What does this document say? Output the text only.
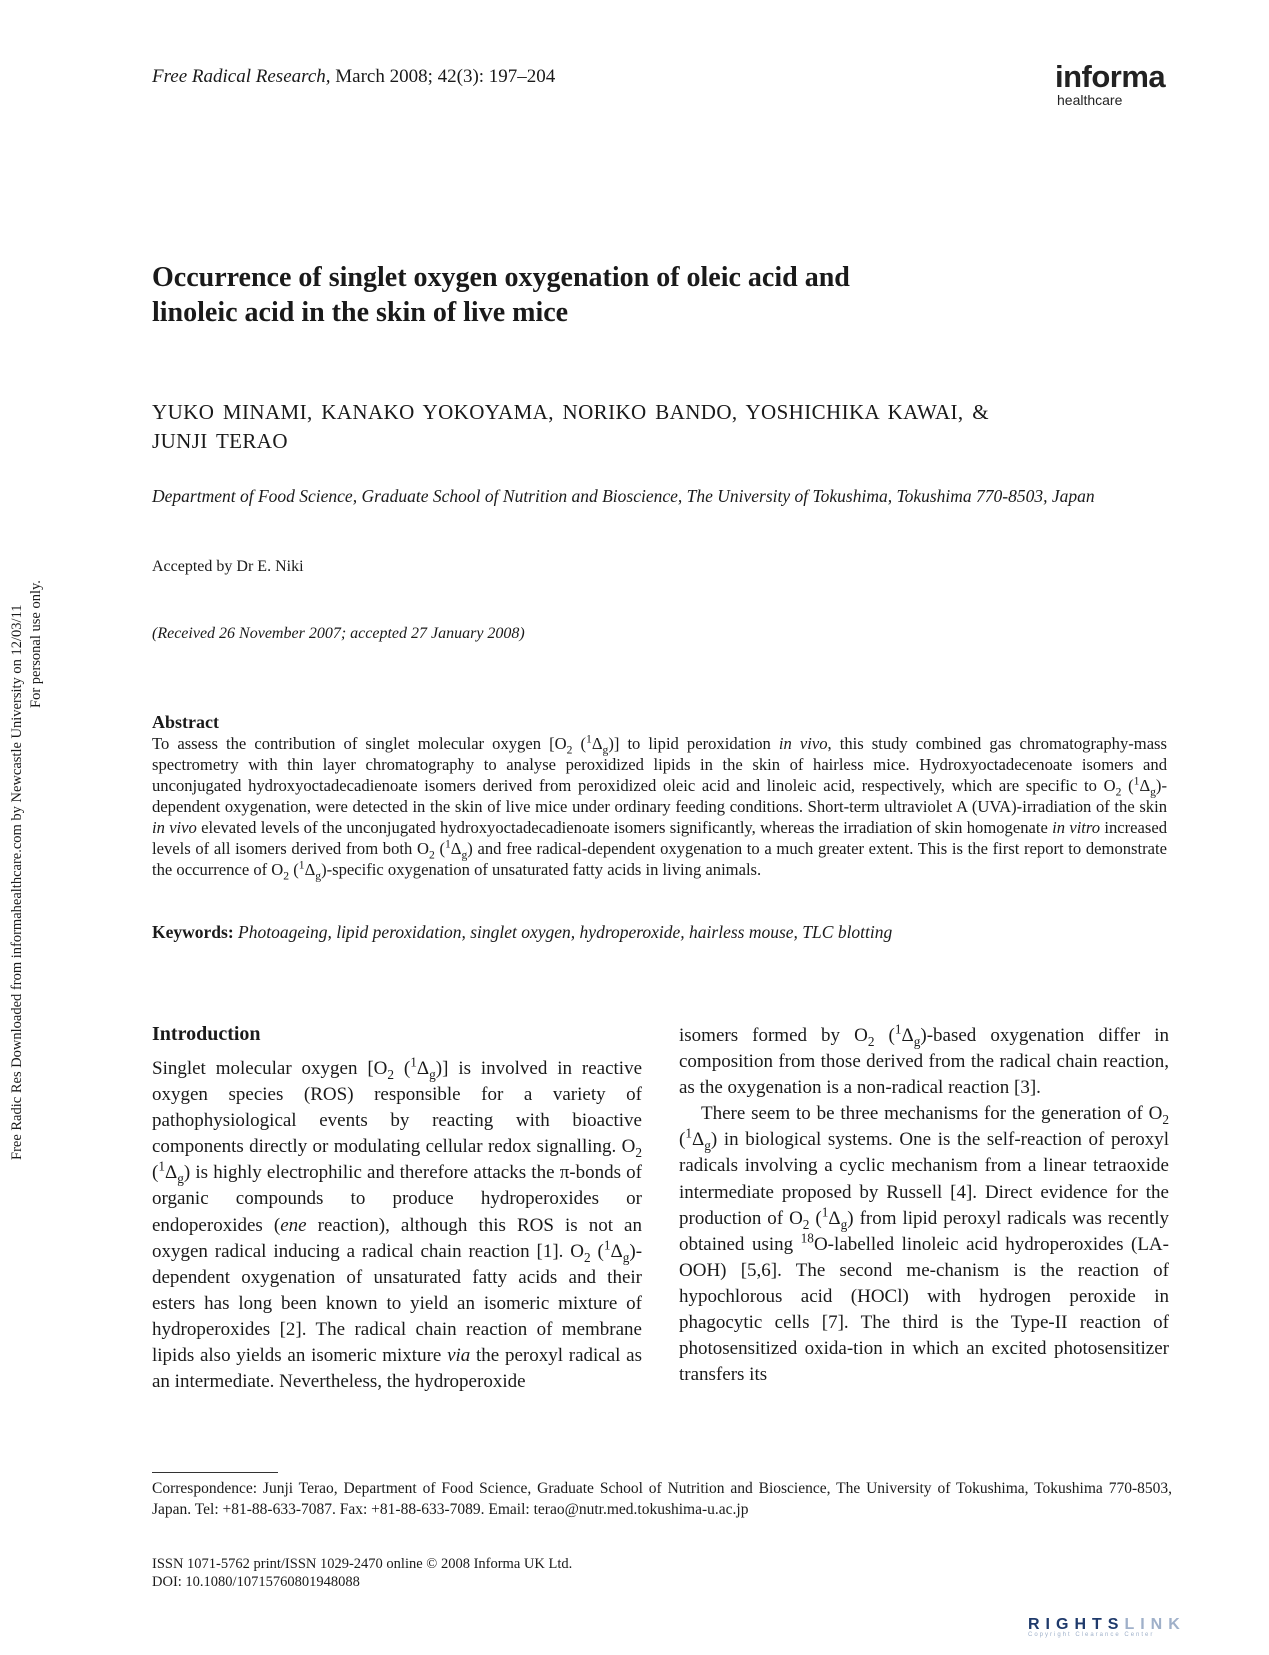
Free Radic Res Downloaded from informahealthcare.com by Newcastle University on 12/03/11 For personal use only.
Free Radical Research, March 2008; 42(3): 197–204	informa
healthcare
Occurrence of singlet oxygen oxygenation of oleic acid and
linoleic acid in the skin of live mice
YUKO MINAMI, KANAKO YOKOYAMA, NORIKO BANDO, YOSHICHIKA KAWAI, &
JUNJI TERAO
Department of Food Science, Graduate School of Nutrition and Bioscience, The University of Tokushima, Tokushima 770-8503, Japan
Accepted by Dr E. Niki
(Received 26 November 2007; accepted 27 January 2008)
Abstract
To assess the contribution of singlet molecular oxygen [$O_2$ $(^1\Delta_g)$] to lipid peroxidation in vivo, this study combined gas chromatography-mass spectrometry with thin layer chromatography to analyse peroxidized lipids in the skin of hairless mice. Hydroxyoctadecenoate isomers and unconjugated hydroxyoctadecadienoate isomers derived from peroxidized oleic acid and linoleic acid, respectively, which are specific to $O_2$ $(^1\Delta_g)$-dependent oxygenation, were detected in the skin of live mice under ordinary feeding conditions. Short-term ultraviolet A (UVA)-irradiation of the skin in vivo elevated levels of the unconjugated hydroxyoctadecadienoate isomers significantly, whereas the irradiation of skin homogenate in vitro increased levels of all isomers derived from both $O_2$ $(^1\Delta_g)$ and free radical-dependent oxygenation to a much greater extent. This is the first report to demonstrate the occurrence of $O_2$ $(^1\Delta_g)$-specific oxygenation of unsaturated fatty acids in living animals.
Keywords: Photoageing, lipid peroxidation, singlet oxygen, hydroperoxide, hairless mouse, TLC blotting
Introduction

Singlet molecular oxygen [$O_2$ $(^1\Delta_g)$] is involved in reactive oxygen species (ROS) responsible for a variety of pathophysiological events by reacting with bioactive components directly or modulating cellular redox signalling. $O_2$ $(^1\Delta_g)$ is highly electrophilic and therefore attacks the π-bonds of organic compounds to produce hydroperoxides or endoperoxides (ene reaction), although this ROS is not an oxygen radical inducing a radical chain reaction [1]. $O_2$ $(^1\Delta_g)$-dependent oxygenation of unsaturated fatty acids and their esters has long been known to yield an isomeric mixture of hydroperoxides [2]. The radical chain reaction of membrane lipids also yields an isomeric mixture via the peroxyl radical as an intermediate. Nevertheless, the hydroperoxide

isomers formed by $O_2$ $(^1\Delta_g)$-based oxygenation differ in composition from those derived from the radical chain reaction, as the oxygenation is a non-radical reaction [3].

There seem to be three mechanisms for the generation of $O_2$ $(^1\Delta_g)$ in biological systems. One is the self-reaction of peroxyl radicals involving a cyclic mechanism from a linear tetraoxide intermediate proposed by Russell [4]. Direct evidence for the production of $O_2$ $(^1\Delta_g)$ from lipid peroxyl radicals was recently obtained using $^{18}$O-labelled linoleic acid hydroperoxides (LA-OOH) [5,6]. The second me-chanism is the reaction of hypochlorous acid (HOCl) with hydrogen peroxide in phagocytic cells [7]. The third is the Type-II reaction of photosensitized oxida-tion in which an excited photosensitizer transfers its

Correspondence: Junji Terao, Department of Food Science, Graduate School of Nutrition and Bioscience, The University of Tokushima, Tokushima 770-8503, Japan. Tel: +81-88-633-7087. Fax: +81-88-633-7089. Email: terao@nutr.med.tokushima-u.ac.jp
ISSN 1071-5762 print/ISSN 1029-2470 online © 2008 Informa UK Ltd.
DOI: 10.1080/10715760801948088
RIGHTSLINK
Copyright Clearance Center
